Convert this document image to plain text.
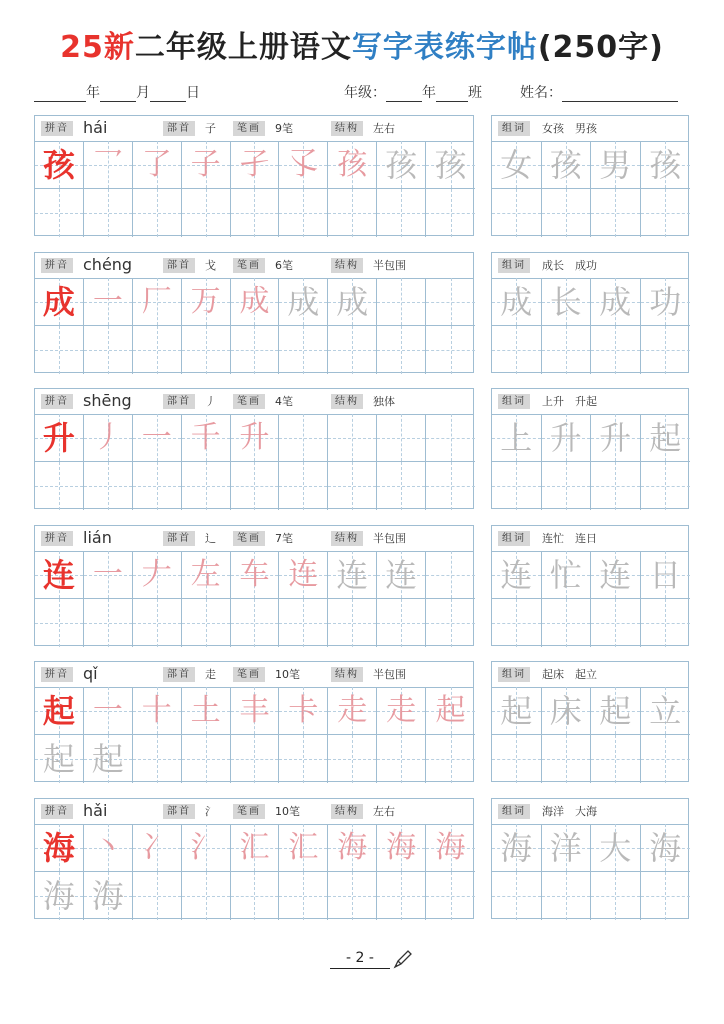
25新二年级上册语文写字表练字帖(250字)
年	月	日	年级：	年 班	姓名：
拼音 hái	部首	子	笔画	9笔	结构	左右
孩 乛 了 子 孑 孓 孩 孩 孩
组词	女孩　男孩
女 孩 男 孩
拼音 chéng	部首	戈	笔画	6笔	结构	半包围
成 一 厂 万 成 成 成
组词	成长　成功
成 长 成 功
拼音 shēng	部首	丿	笔画	4笔	结构	独体
升 丿 一 千 升
组词	上升　升起
上 升 升 起
拼音 lián	部首	辶	笔画	7笔	结构	半包围
连 一 𠂇 左 车 连 连 连
组词	连忙　连日
连 忙 连 日
拼音 qǐ	部首	走	笔画	10笔	结构	半包围
起 一 十 土 丰 卡 走 走 起
起 起
组词	起床　起立
起 床 起 立
拼音 hǎi	部首	氵	笔画	10笔	结构	左右
海 丶 冫 氵 汇 汇 海 海 海
海 海
组词	海洋　大海
海 洋 大 海
- 2 -
